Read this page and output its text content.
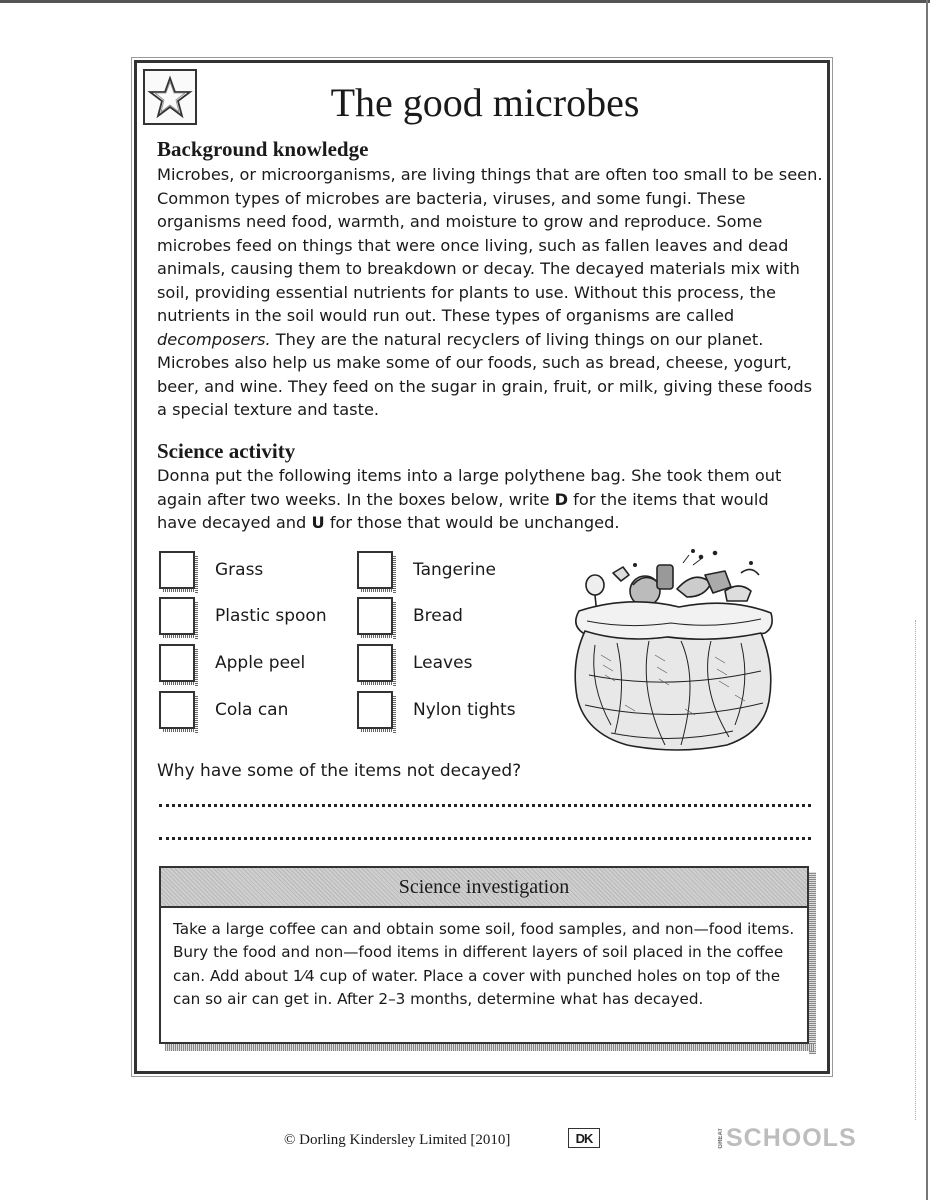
The good microbes
Background knowledge

Microbes, or microorganisms, are living things that are often too small to be seen. Common types of microbes are bacteria, viruses, and some fungi. These organisms need food, warmth, and moisture to grow and reproduce. Some microbes feed on things that were once living, such as fallen leaves and dead animals, causing them to breakdown or decay. The decayed materials mix with soil, providing essential nutrients for plants to use. Without this process, the nutrients in the soil would run out. These types of organisms are called decomposers. They are the natural recyclers of living things on our planet. Microbes also help us make some of our foods, such as bread, cheese, yogurt, beer, and wine. They feed on the sugar in grain, fruit, or milk, giving these foods a special texture and taste.

Science activity

Donna put the following items into a large polythene bag. She took them out
again after two weeks. In the boxes below, write D for the items that would
have decayed and U for those that would be unchanged.

Grass
Plastic spoon
Apple peel
Cola can
Tangerine
Bread
Leaves
Nylon tights

Why have some of the items not decayed?

Science investigation
Take a large coffee can and obtain some soil, food samples, and non—food items. Bury the food and non—food items in different layers of soil placed in the coffee can. Add about 1⁄4 cup of water. Place a cover with punched holes on top of the can so air can get in. After 2–3 months, determine what has decayed.

© Dorling Kindersley Limited [2010]	DK	GREAT SCHOOLS
